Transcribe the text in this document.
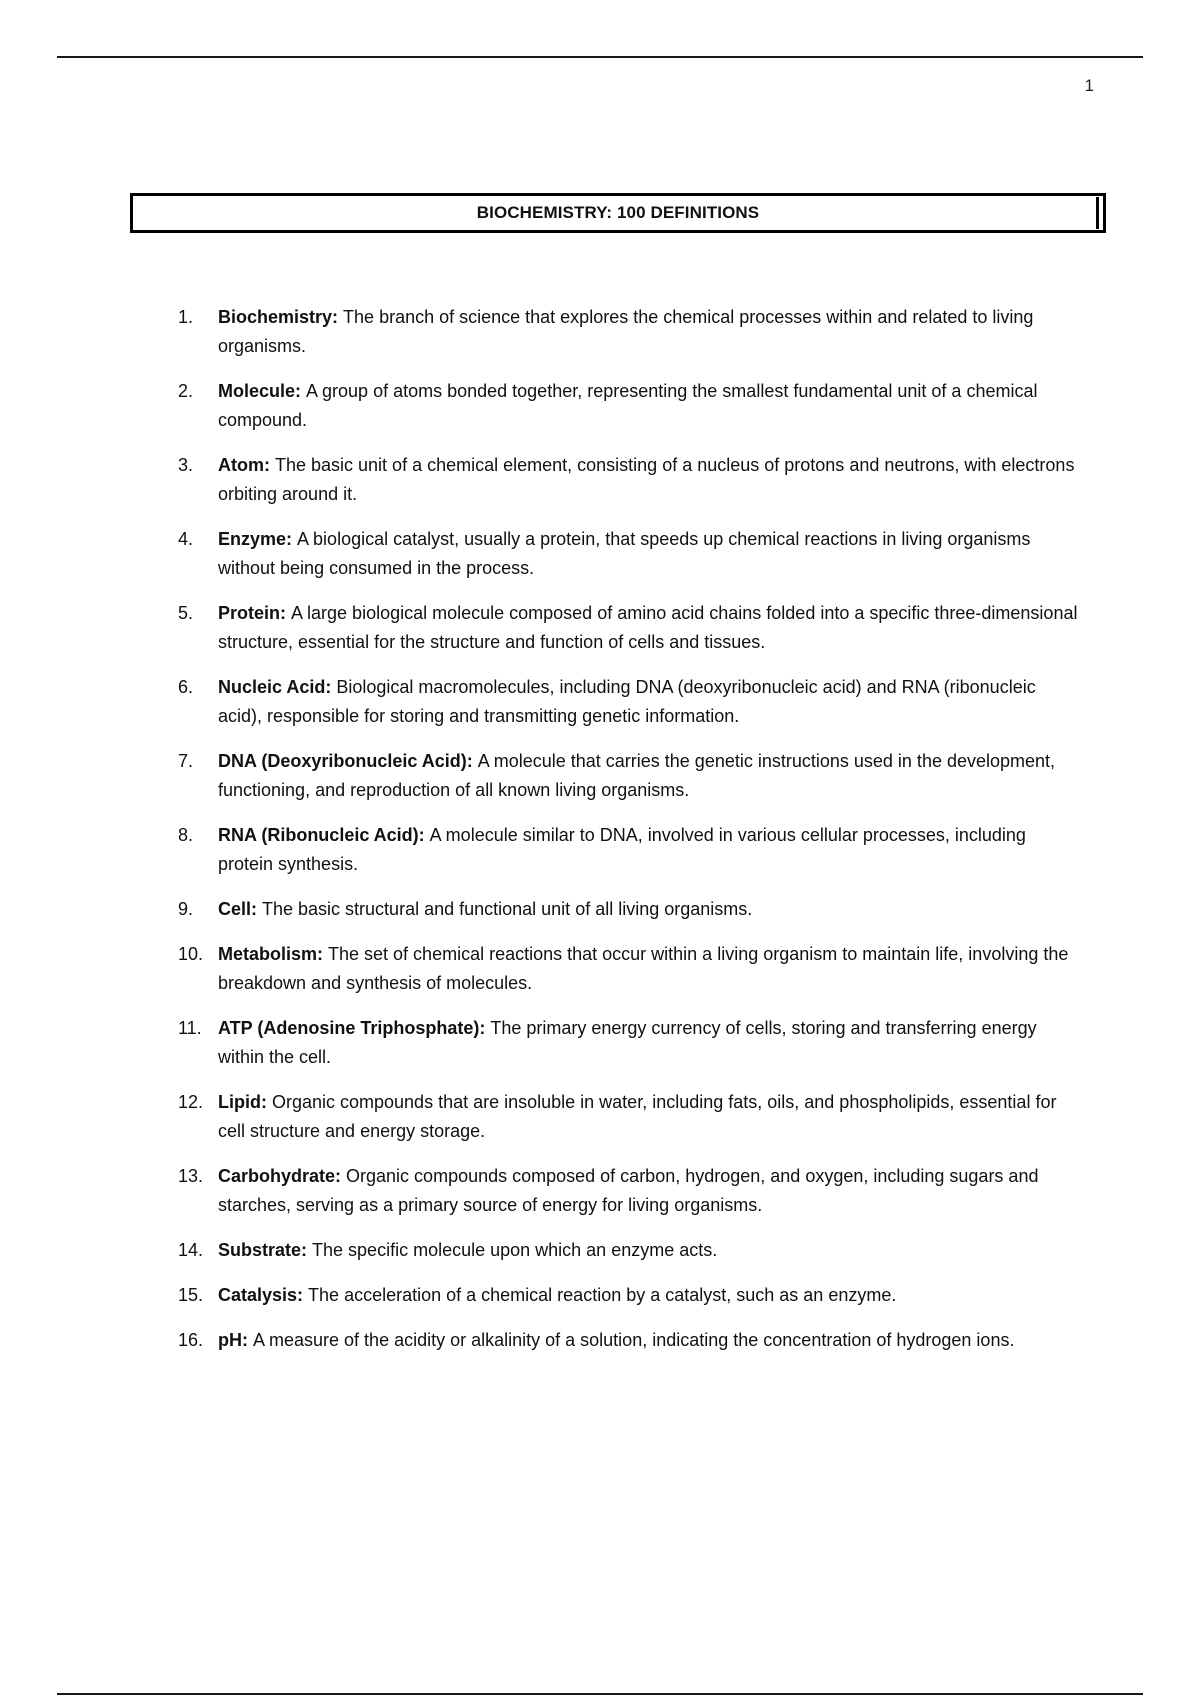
1
BIOCHEMISTRY: 100 DEFINITIONS
1.	Biochemistry: The branch of science that explores the chemical processes within and related to living organisms.
2.	Molecule: A group of atoms bonded together, representing the smallest fundamental unit of a chemical compound.
3.	Atom: The basic unit of a chemical element, consisting of a nucleus of protons and neutrons, with electrons orbiting around it.
4.	Enzyme: A biological catalyst, usually a protein, that speeds up chemical reactions in living organisms without being consumed in the process.
5.	Protein: A large biological molecule composed of amino acid chains folded into a specific three-dimensional structure, essential for the structure and function of cells and tissues.
6.	Nucleic Acid: Biological macromolecules, including DNA (deoxyribonucleic acid) and RNA (ribonucleic acid), responsible for storing and transmitting genetic information.
7.	DNA (Deoxyribonucleic Acid): A molecule that carries the genetic instructions used in the development, functioning, and reproduction of all known living organisms.
8.	RNA (Ribonucleic Acid): A molecule similar to DNA, involved in various cellular processes, including protein synthesis.
9.	Cell: The basic structural and functional unit of all living organisms.
10. Metabolism: The set of chemical reactions that occur within a living organism to maintain life, involving the breakdown and synthesis of molecules.
11. ATP (Adenosine Triphosphate): The primary energy currency of cells, storing and transferring energy within the cell.
12. Lipid: Organic compounds that are insoluble in water, including fats, oils, and phospholipids, essential for cell structure and energy storage.
13. Carbohydrate: Organic compounds composed of carbon, hydrogen, and oxygen, including sugars and starches, serving as a primary source of energy for living organisms.
14. Substrate: The specific molecule upon which an enzyme acts.
15. Catalysis: The acceleration of a chemical reaction by a catalyst, such as an enzyme.
16. pH: A measure of the acidity or alkalinity of a solution, indicating the concentration of hydrogen ions.
